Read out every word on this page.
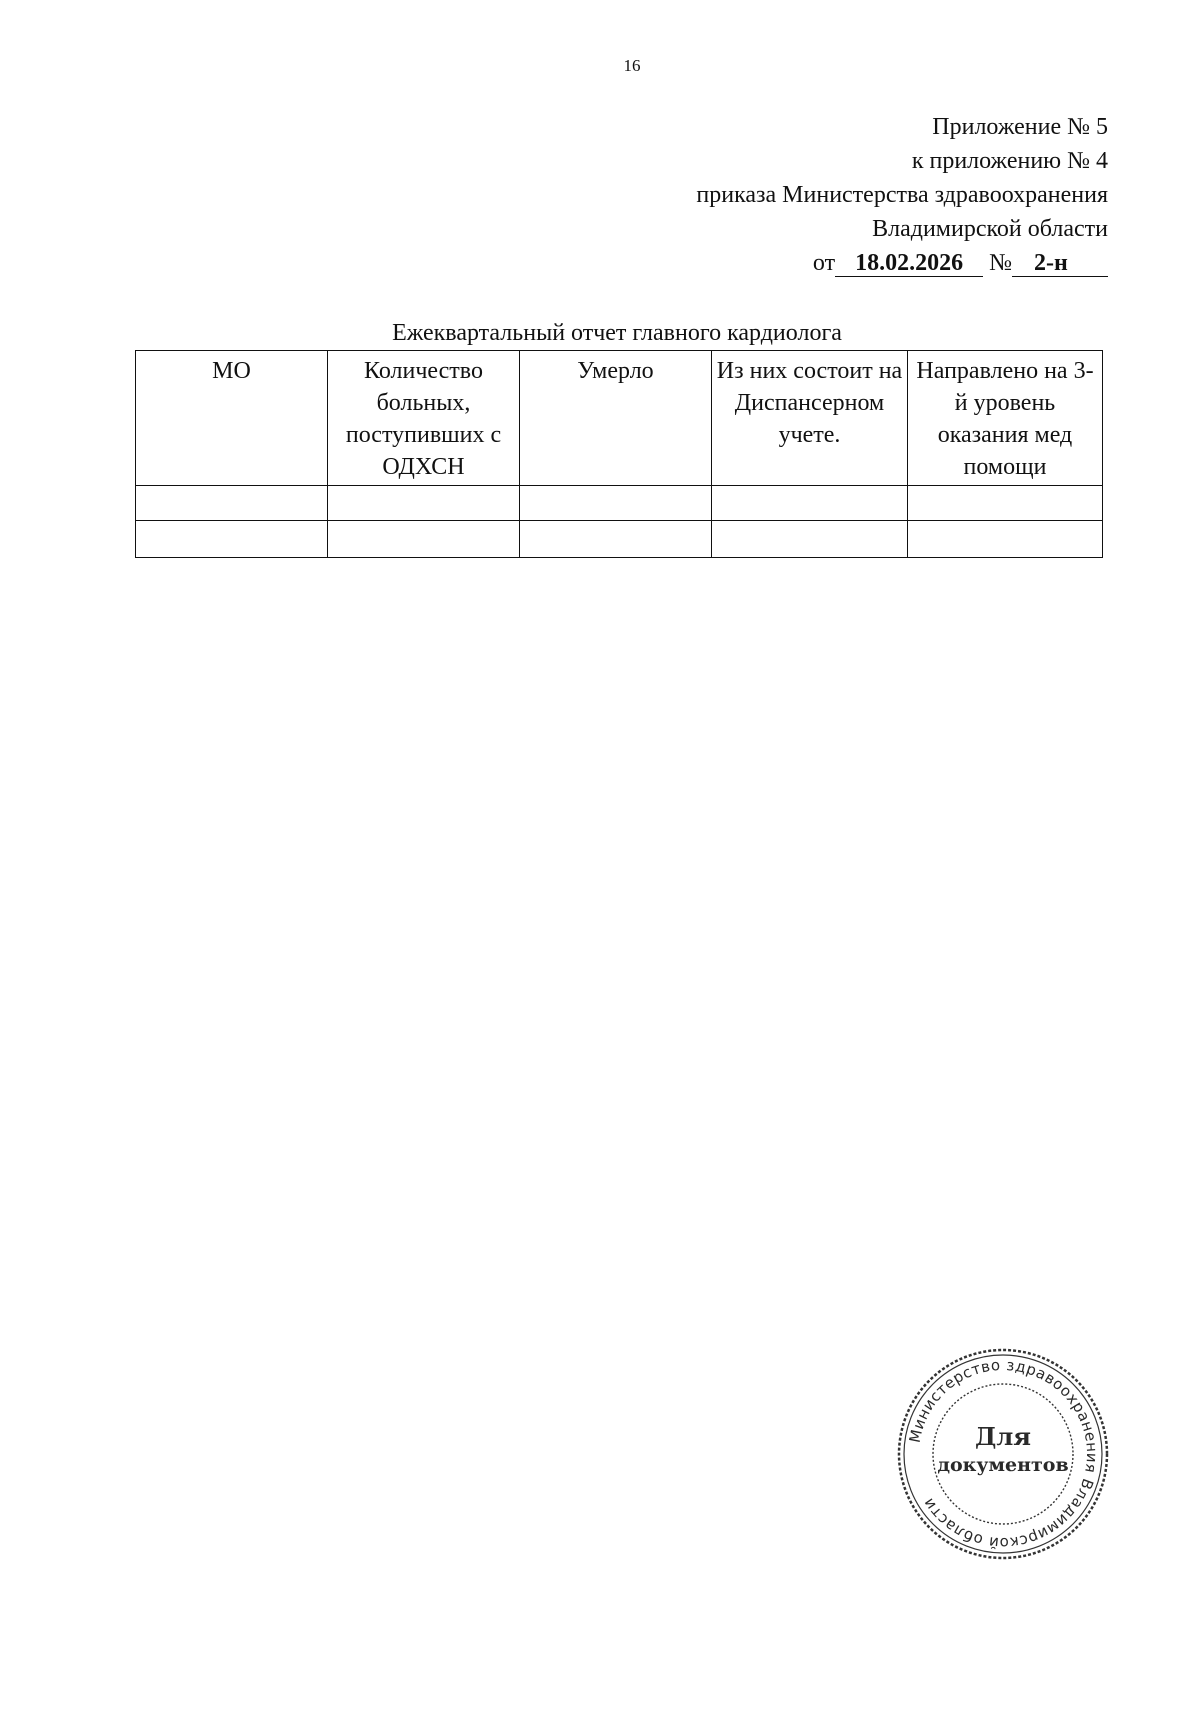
16
Приложение № 5
к приложению № 4
приказа Министерства здравоохранения
Владимирской области
от 18.02.2026 № 2-н
Ежеквартальный отчет главного кардиолога
МО	Количество больных, поступивших с ОДХСН	Умерло	Из них состоит на Диспансерном учете.	Направлено на 3-й уровень оказания мед помощи

Министерство здравоохранения Владимирской области
Для
документов
